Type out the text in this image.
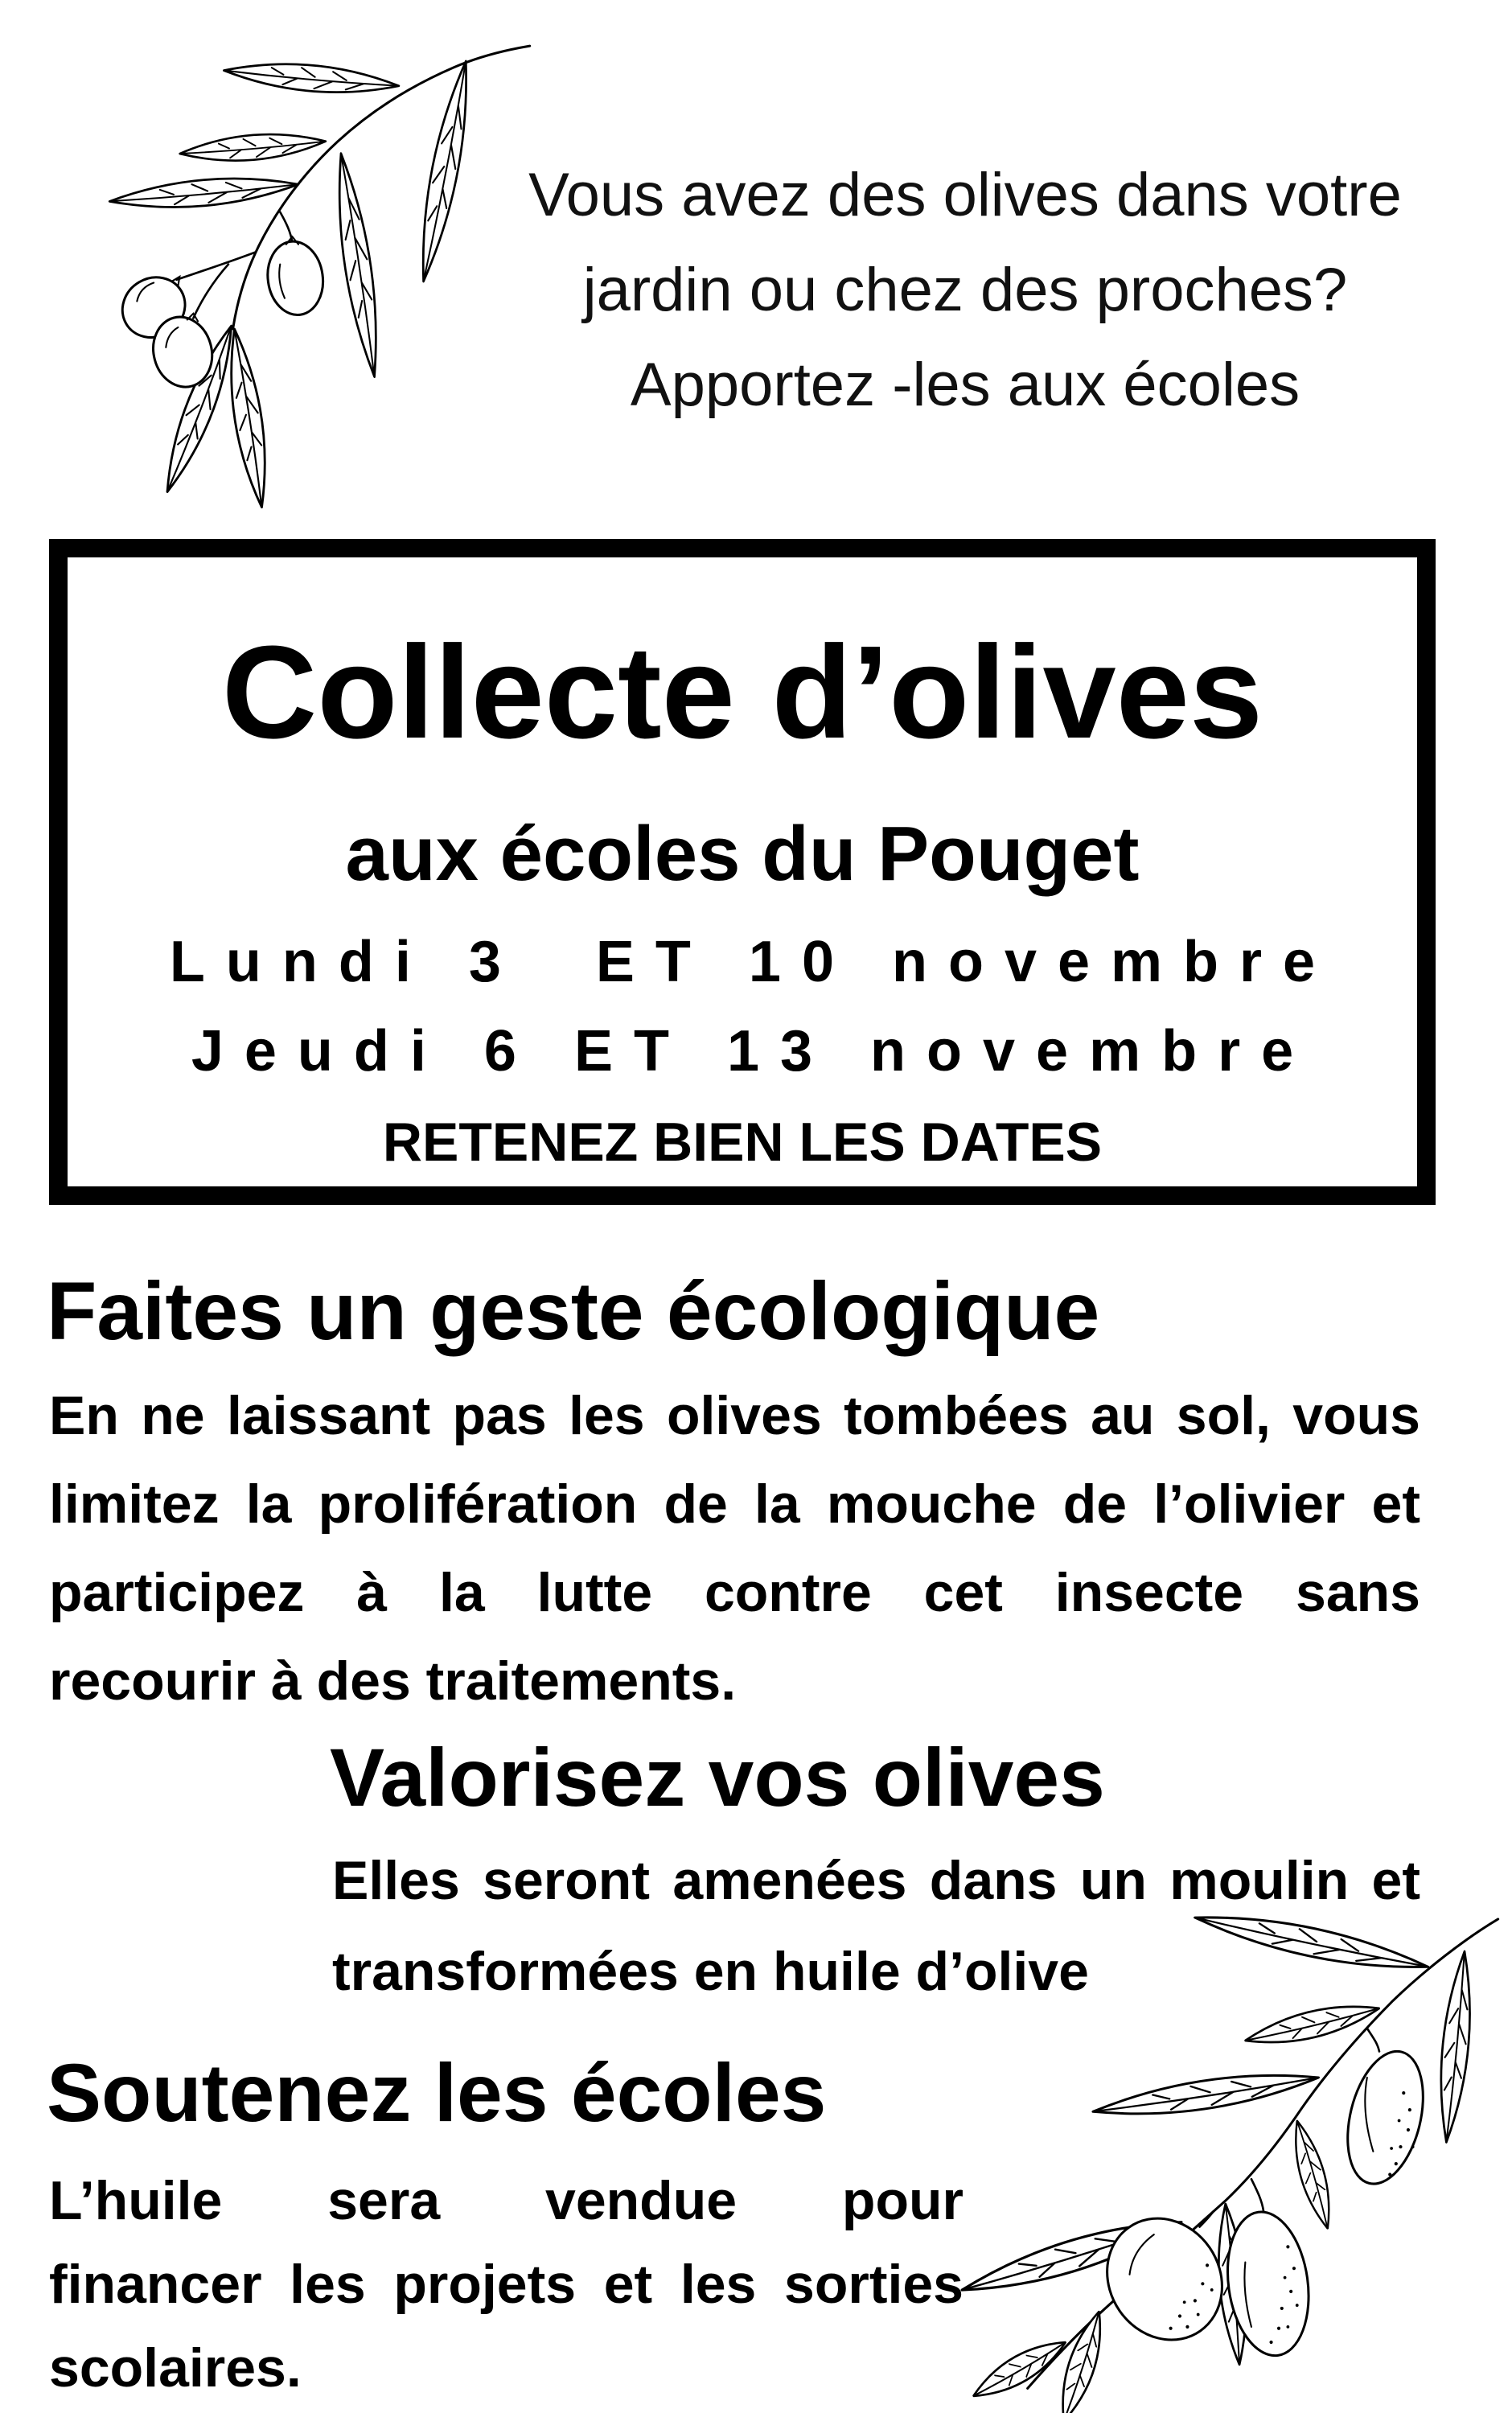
Vous avez des olives dans votre
jardin ou chez des proches?
Apportez -les aux écoles
Collecte d’olives
aux écoles du Pouget
Lundi 3  ET 10 novembre
Jeudi 6 ET 13 novembre
RETENEZ BIEN LES DATES
Faites un geste écologique
En ne laissant pas les olives tombées au sol, vous
limitez la prolifération de la mouche de l’olivier et
participez à la lutte contre cet insecte sans
recourir à des traitements.
Valorisez vos olives
Elles seront amenées dans un moulin et
transformées en huile d’olive
Soutenez les écoles
L’huile sera vendue pour
financer les projets et les sorties
scolaires.
